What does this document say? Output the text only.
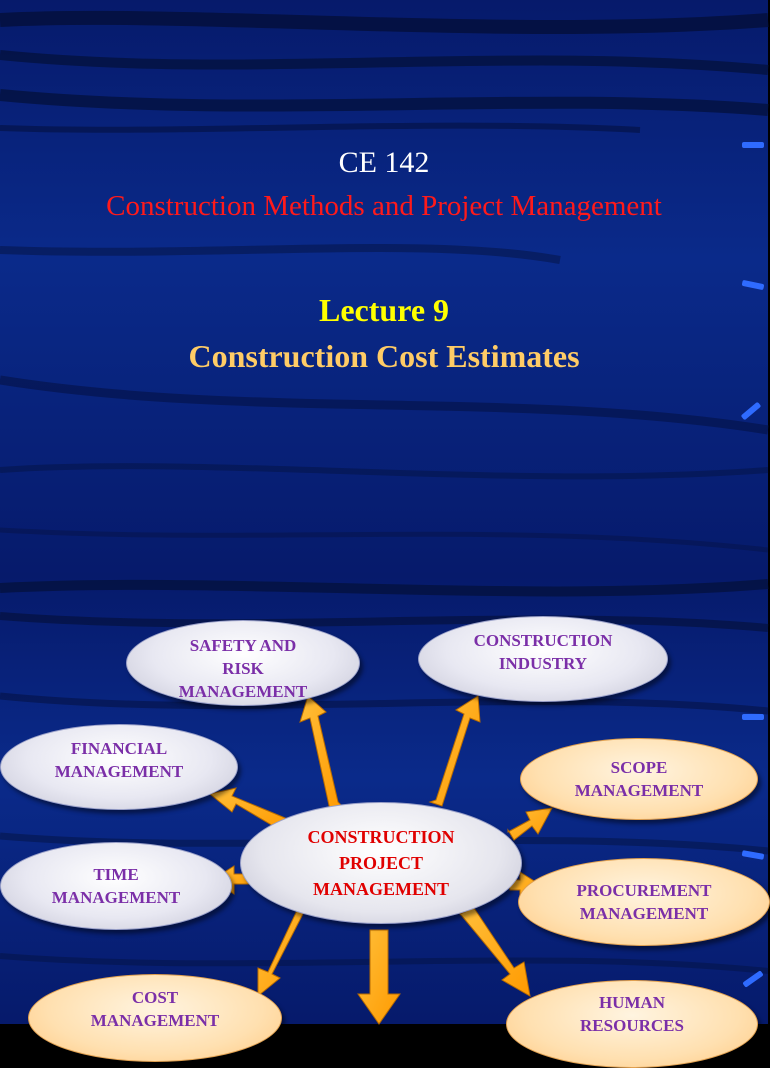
CE 142
Construction Methods and Project Management
Lecture 9
Construction Cost Estimates
SAFETY AND
RISK
MANAGEMENT
CONSTRUCTION
INDUSTRY
FINANCIAL
MANAGEMENT	SCOPE
MANAGEMENT
CONSTRUCTION
PROJECT
MANAGEMENT
TIME
MANAGEMENT	PROCUREMENT
MANAGEMENT
COST
MANAGEMENT
HUMAN
RESOURCES
